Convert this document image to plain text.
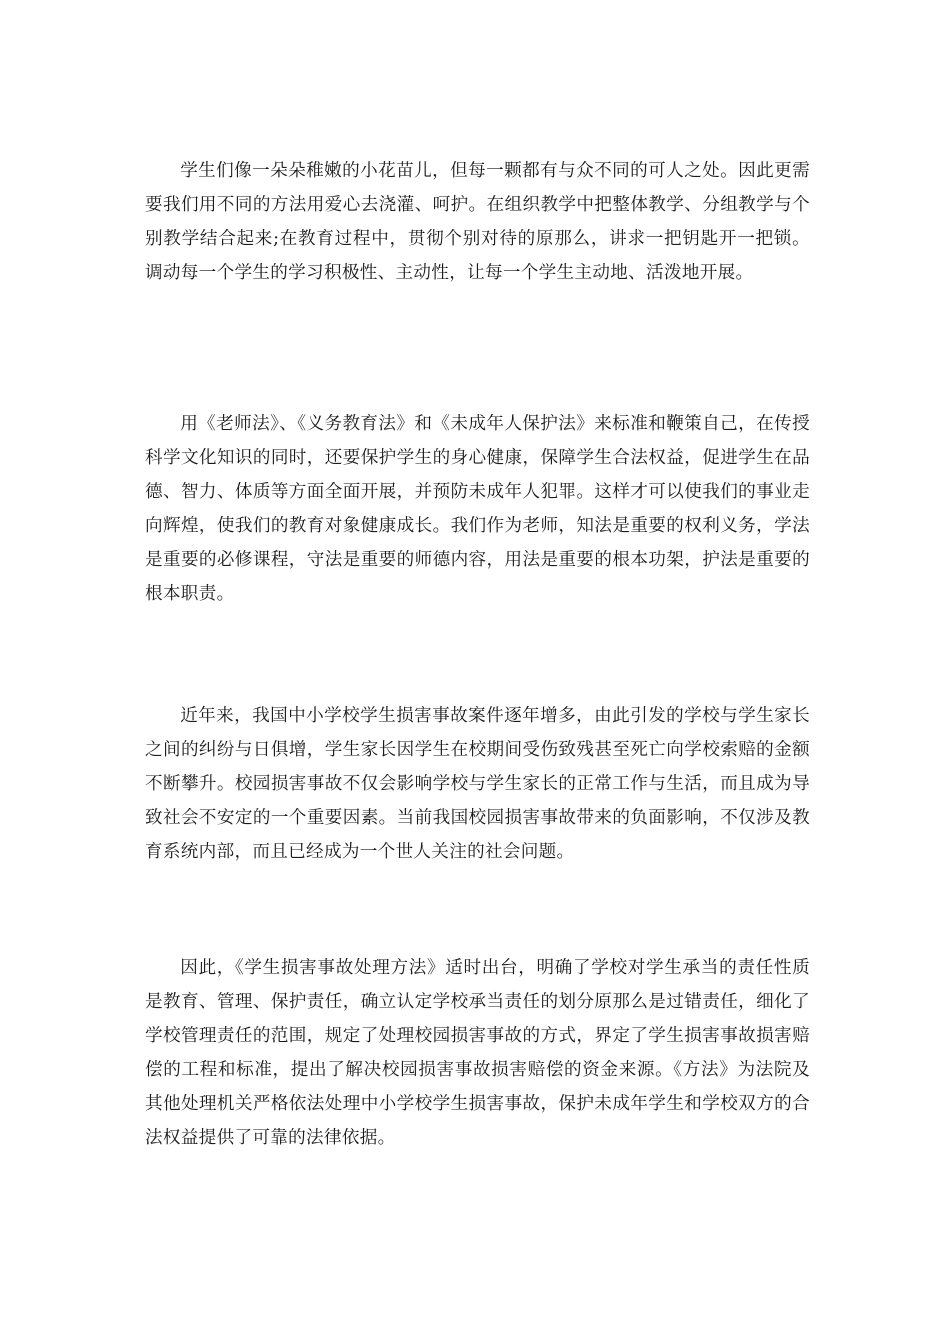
学生们像一朵朵稚嫩的小花苗儿，但每一颗都有与众不同的可人之处。因此更需要我们用不同的方法用爱心去浇灌、呵护。在组织教学中把整体教学、分组教学与个别教学结合起来;在教育过程中，贯彻个别对待的原那么，讲求一把钥匙开一把锁。调动每一个学生的学习积极性、主动性，让每一个学生主动地、活泼地开展。

用《老师法》、《义务教育法》和《未成年人保护法》来标准和鞭策自己，在传授科学文化知识的同时，还要保护学生的身心健康，保障学生合法权益，促进学生在品德、智力、体质等方面全面开展，并预防未成年人犯罪。这样才可以使我们的事业走向辉煌，使我们的教育对象健康成长。我们作为老师，知法是重要的权利义务，学法是重要的必修课程，守法是重要的师德内容，用法是重要的根本功架，护法是重要的根本职责。

近年来，我国中小学校学生损害事故案件逐年增多，由此引发的学校与学生家长之间的纠纷与日俱增，学生家长因学生在校期间受伤致残甚至死亡向学校索赔的金额不断攀升。校园损害事故不仅会影响学校与学生家长的正常工作与生活，而且成为导致社会不安定的一个重要因素。当前我国校园损害事故带来的负面影响，不仅涉及教育系统内部，而且已经成为一个世人关注的社会问题。

因此，《学生损害事故处理方法》适时出台，明确了学校对学生承当的责任性质是教育、管理、保护责任，确立认定学校承当责任的划分原那么是过错责任，细化了学校管理责任的范围，规定了处理校园损害事故的方式，界定了学生损害事故损害赔偿的工程和标准，提出了解决校园损害事故损害赔偿的资金来源。《方法》为法院及其他处理机关严格依法处理中小学校学生损害事故，保护未成年学生和学校双方的合法权益提供了可靠的法律依据。
